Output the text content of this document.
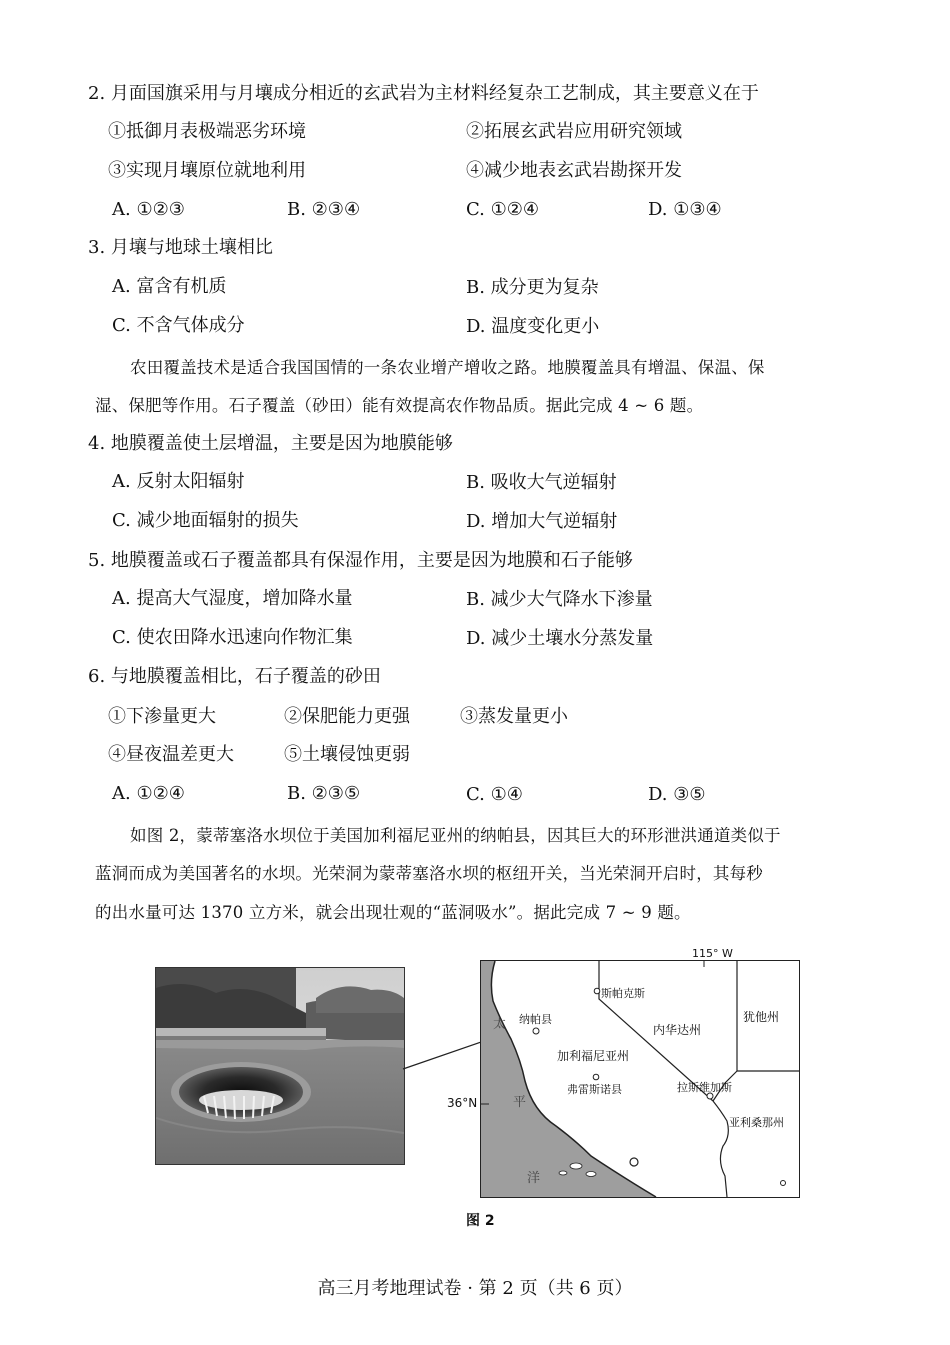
2. 月面国旗采用与月壤成分相近的玄武岩为主材料经复杂工艺制成，其主要意义在于
①抵御月表极端恶劣环境	②拓展玄武岩应用研究领域
③实现月壤原位就地利用	④减少地表玄武岩勘探开发
A. ①②③	B. ②③④	C. ①②④	D. ①③④
3. 月壤与地球土壤相比
A. 富含有机质	B. 成分更为复杂
C. 不含气体成分	D. 温度变化更小
农田覆盖技术是适合我国国情的一条农业增产增收之路。地膜覆盖具有增温、保温、保
湿、保肥等作用。石子覆盖（砂田）能有效提高农作物品质。据此完成 4 ~ 6 题。
4. 地膜覆盖使土层增温，主要是因为地膜能够
A. 反射太阳辐射	B. 吸收大气逆辐射
C. 减少地面辐射的损失	D. 增加大气逆辐射
5. 地膜覆盖或石子覆盖都具有保湿作用，主要是因为地膜和石子能够
A. 提高大气湿度，增加降水量	B. 减少大气降水下渗量
C. 使农田降水迅速向作物汇集	D. 减少土壤水分蒸发量
6. 与地膜覆盖相比，石子覆盖的砂田
①下渗量更大	②保肥能力更强	③蒸发量更小
④昼夜温差更大	⑤土壤侵蚀更弱
A. ①②④	B. ②③⑤	C. ①④	D. ③⑤
如图 2，蒙蒂塞洛水坝位于美国加利福尼亚州的纳帕县，因其巨大的环形泄洪通道类似于
蓝洞而成为美国著名的水坝。光荣洞为蒙蒂塞洛水坝的枢纽开关，当光荣洞开启时，其每秒
的出水量可达 1370 立方米，就会出现壮观的“蓝洞吸水”。据此完成 7 ~ 9 题。
斯帕克斯
纳帕县
内华达州
犹他州
加利福尼亚州
弗雷斯诺县	拉斯维加斯
亚利桑那州
太
平
洋
115° W
36°N
图 2
高三月考地理试卷 · 第 2 页（共 6 页）
